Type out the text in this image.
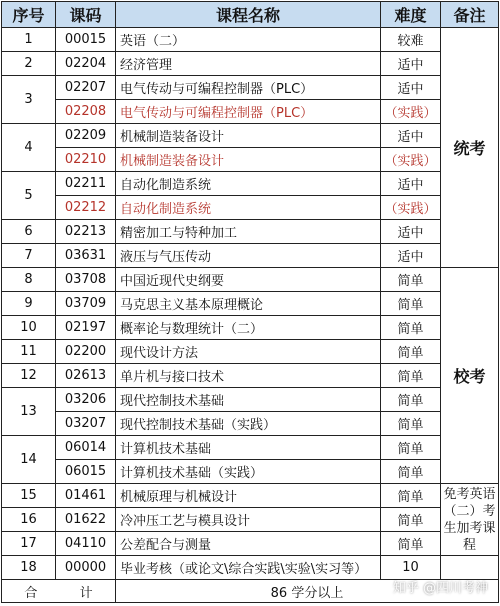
序号	课码	课程名称	难度	备注
1	00015	英语（二）	较难	统考
2	02204	经济管理	适中	
3	02207	电气传动与可编程控制器（PLC）	适中	
	02208	电气传动与可编程控制器（PLC）	（实践）	
4	02209	机械制造装备设计	适中	
	02210	机械制造装备设计	（实践）	
5	02211	自动化制造系统	适中	
	02212	自动化制造系统	（实践）	
6	02213	精密加工与特种加工	适中	
7	03631	液压与气压传动	适中	
8	03708	中国近现代史纲要	简单	校考
9	03709	马克思主义基本原理概论	简单	
10	02197	概率论与数理统计（二）	简单	
11	02200	现代设计方法	简单	
12	02613	单片机与接口技术	简单	
13	03206	现代控制技术基础	简单	
	03207	现代控制技术基础（实践）	简单	
14	06014	计算机技术基础	简单	
	06015	计算机技术基础（实践）	简单	
15	01461	机械原理与机械设计	简单	免考英语（二）考生加考课程
16	01622	冷冲压工艺与模具设计	简单	
17	04110	公差配合与测量	简单	
18	00000	毕业考核（或论文\综合实践\实验\实习等）	10	
合 计		86 学分以上			知乎 @四川考神
